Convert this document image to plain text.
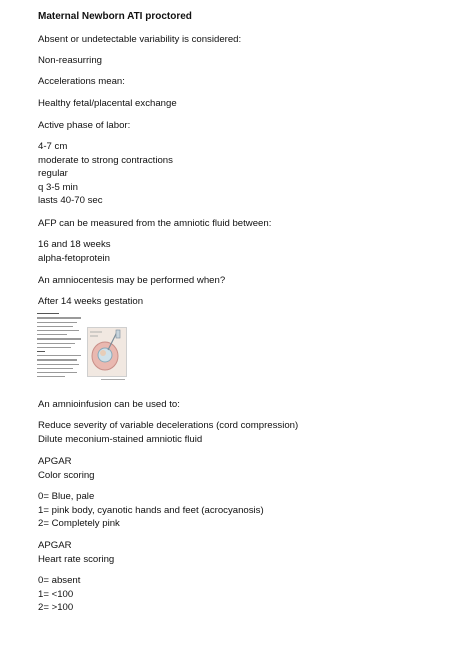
Maternal Newborn ATI proctored
Absent or undetectable variability is considered:
Non-reasurring
Accelerations mean:
Healthy fetal/placental exchange
Active phase of labor:
4-7 cm
moderate to strong contractions
regular
q 3-5 min
lasts 40-70 sec
AFP can be measured from the amniotic fluid between:
16 and 18 weeks
alpha-fetoprotein
An amniocentesis may be performed when?
After 14 weeks gestation
An amnioinfusion can be used to:
Reduce severity of variable decelerations (cord compression)
Dilute meconium-stained amniotic fluid
APGAR
Color scoring
0= Blue, pale
1= pink body, cyanotic hands and feet (acrocyanosis)
2= Completely pink
APGAR
Heart rate scoring
0= absent
1= <100
2= >100
